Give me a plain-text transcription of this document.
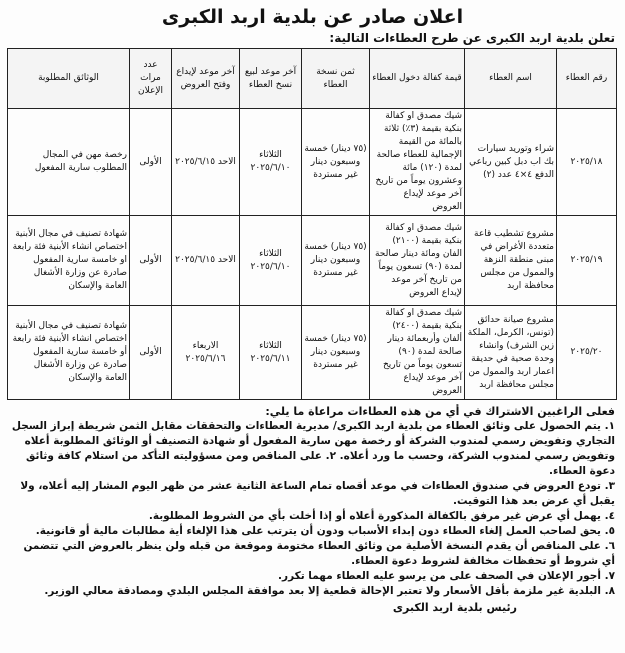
اعلان صادر عن بلدية اربد الكبرى
تعلن بلدية اربد الكبرى عن طرح العطاءات التالية:
رقم العطاء	اسم العطاء	قيمة كفالة دخول العطاء	ثمن نسخة العطاء	آخر موعد لبيع نسخ العطاء	آخر موعد لإيداع وفتح العروض	عدد مرات الإعلان	الوثائق المطلوبة
٢٠٢٥/١٨	شراء وتوريد سيارات بك اب دبل كبين رباعي الدفع ٤×٤ عدد (٢)	شيك مصدق او كفالة بنكية بقيمة (٣٪) ثلاثة بالمائة من القيمة الإجمالية للعطاء صالحة لمدة (١٢٠) مائة وعشرون يوماً من تاريخ آخر موعد لإيداع العروض	(٧٥ دينار) خمسة وسبعون دينار غير مستردة	الثلاثاء ٢٠٢٥/٦/١٠	الاحد ٢٠٢٥/٦/١٥	الأولى	رخصة مهن في المجال المطلوب سارية المفعول
٢٠٢٥/١٩	مشروع تشطيب قاعة متعددة الأغراض في مبنى منطقة النزهة والممول من مجلس محافظة اربد	شيك مصدق او كفالة بنكية بقيمة (٢١٠٠) الفان ومائة دينار صالحة لمدة (٩٠) تسعون يوماً من تاريخ آخر موعد لإيداع العروض	(٧٥ دينار) خمسة وسبعون دينار غير مستردة	الثلاثاء ٢٠٢٥/٦/١٠	الاحد ٢٠٢٥/٦/١٥	الأولى	شهادة تصنيف في مجال الأبنية اختصاص انشاء الأبنية فئة رابعة او خامسة سارية المفعول صادرة عن وزارة الأشغال العامة والإسكان
٢٠٢٥/٢٠	مشروع صيانة حدائق (تونس، الكرمل، الملكة زين الشرف) وانشاء وحدة صحية في حديقة اعمار اربد والممول من مجلس محافظة اربد	شيك مصدق او كفالة بنكية بقيمة (٢٤٠٠) ألفان وأربعمائة دينار صالحة لمدة (٩٠) تسعون يوماً من تاريخ آخر موعد لإيداع العروض	(٧٥ دينار) خمسة وسبعون دينار غير مستردة	الثلاثاء ٢٠٢٥/٦/١١	الاربعاء ٢٠٢٥/٦/١٦	الأولى	شهادة تصنيف في مجال الأبنية اختصاص انشاء الأبنية فئة رابعة أو خامسة سارية المفعول صادرة عن وزارة الأشغال العامة والإسكان
فعلى الراغبين الاشتراك في أي من هذه العطاءات مراعاة ما يلي:
١. يتم الحصول على وثائق العطاء من بلدية اربد الكبرى/ مديرية العطاءات والتحققات مقابل الثمن شريطة إبراز السجل التجاري وتفويض رسمي لمندوب الشركة أو رخصة مهن سارية المفعول أو شهادة التصنيف أو الوثائق المطلوبة أعلاه وتفويض رسمي لمندوب الشركة، وحسب ما ورد أعلاه. ٢. على المناقص ومن مسؤوليته التأكد من استلام كافة وثائق دعوة العطاء.
٣. تودع العروض في صندوق العطاءات في موعد أقصاه تمام الساعة الثانية عشر من ظهر اليوم المشار إليه أعلاه، ولا يقبل أي عرض بعد هذا التوقيت.
٤. يهمل أي عرض غير مرفق بالكفالة المذكورة أعلاه أو إذا أخلت بأي من الشروط المطلوبة.
٥. يحق لصاحب العمل إلغاء العطاء دون إبداء الأسباب ودون أن يترتب على هذا الإلغاء أية مطالبات مالية أو قانونية.
٦. على المناقص أن يقدم النسخة الأصلية من وثائق العطاء مختومة وموقعة من قبله ولن ينظر بالعروض التي تتضمن أي شروط أو تحفظات مخالفة لشروط دعوة العطاء.
٧. أجور الإعلان في الصحف على من يرسو عليه العطاء مهما تكرر.
٨. البلدية غير ملزمة بأقل الأسعار ولا تعتبر الإحالة قطعية إلا بعد موافقة المجلس البلدي ومصادقة معالي الوزير.
رئيس بلدية اربد الكبرى
